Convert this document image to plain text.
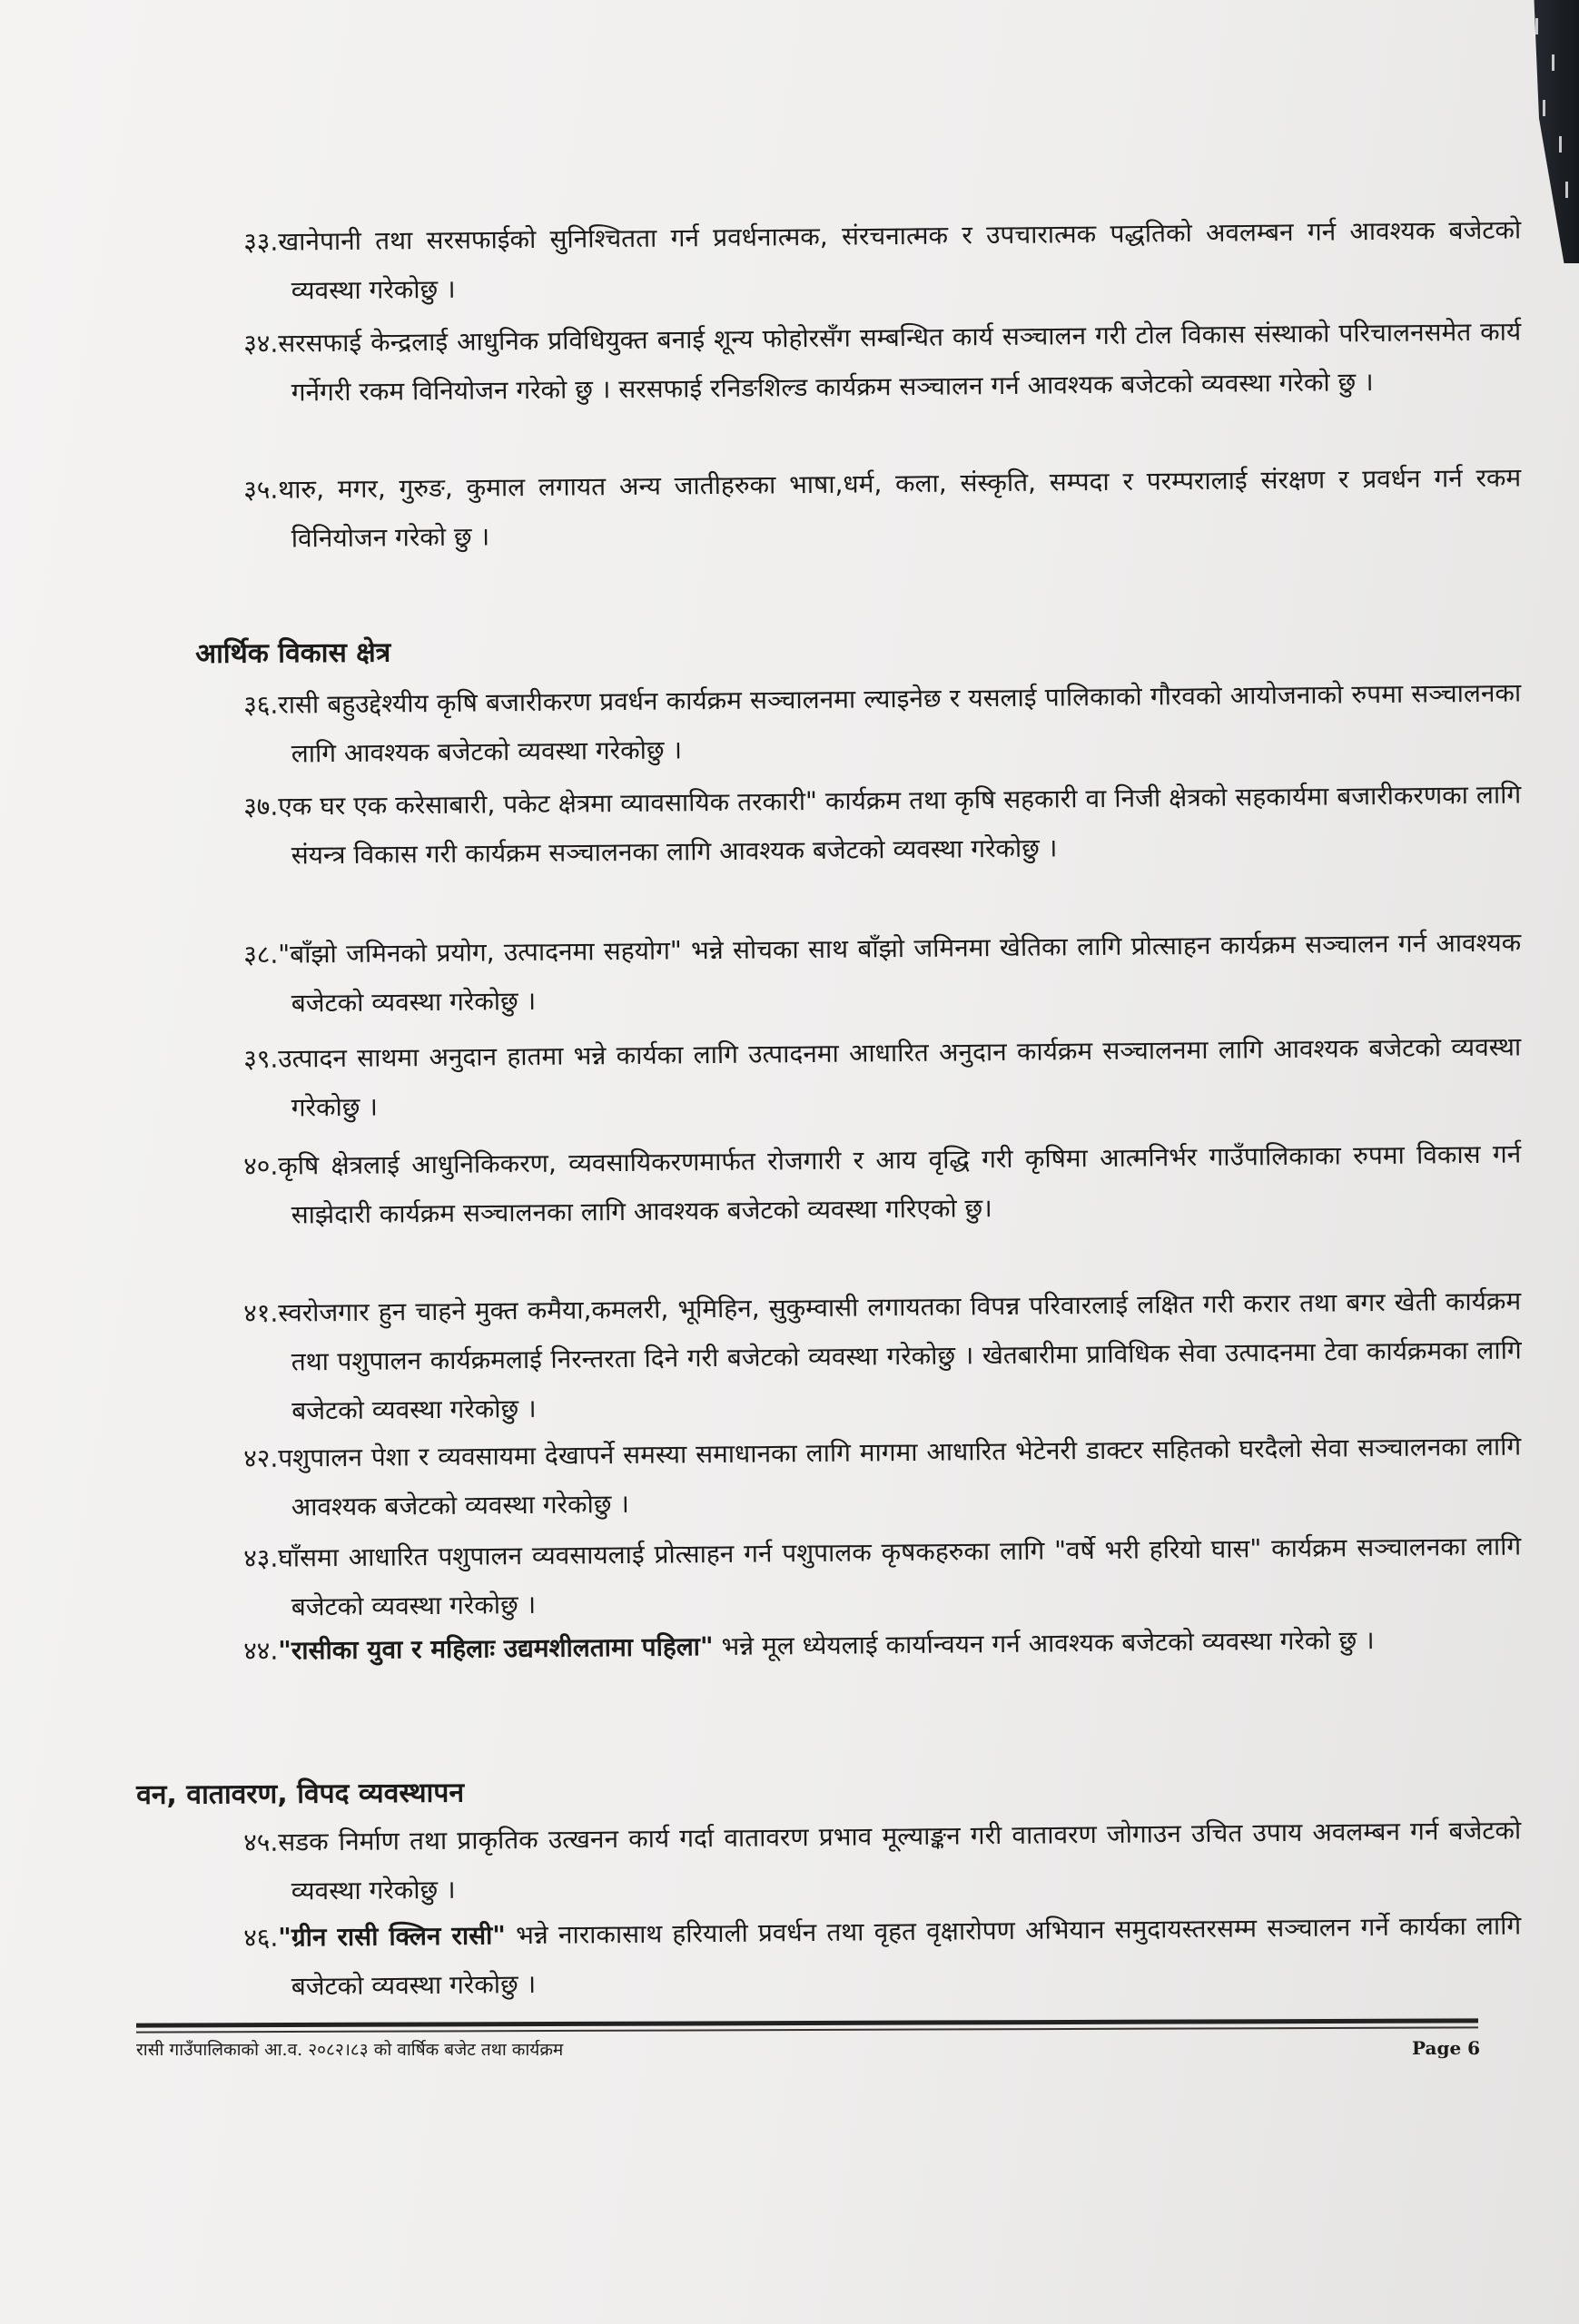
३३.खानेपानी तथा सरसफाईको सुनिश्चितता गर्न प्रवर्धनात्मक, संरचनात्मक र उपचारात्मक पद्धतिको अवलम्बन गर्न आवश्यक बजेटको व्यवस्था गरेकोछु ।
३४.सरसफाई केन्द्रलाई आधुनिक प्रविधियुक्त बनाई शून्य फोहोरसँग सम्बन्धित कार्य सञ्चालन गरी टोल विकास संस्थाको परिचालनसमेत कार्य गर्नेगरी रकम विनियोजन गरेको छु । सरसफाई रनिङशिल्ड कार्यक्रम सञ्चालन गर्न आवश्यक बजेटको व्यवस्था गरेको छु ।
३५.थारु, मगर, गुरुङ, कुमाल लगायत अन्य जातीहरुका भाषा,धर्म, कला, संस्कृति, सम्पदा र परम्परालाई संरक्षण र प्रवर्धन गर्न रकम विनियोजन गरेको छु ।
आर्थिक विकास क्षेत्र
३६.रासी बहुउद्देश्यीय कृषि बजारीकरण प्रवर्धन कार्यक्रम सञ्चालनमा ल्याइनेछ र यसलाई पालिकाको गौरवको आयोजनाको रुपमा सञ्चालनका लागि आवश्यक बजेटको व्यवस्था गरेकोछु ।
३७.एक घर एक करेसाबारी, पकेट क्षेत्रमा व्यावसायिक तरकारी" कार्यक्रम तथा कृषि सहकारी वा निजी क्षेत्रको सहकार्यमा बजारीकरणका लागि संयन्त्र विकास गरी कार्यक्रम सञ्चालनका लागि आवश्यक बजेटको व्यवस्था गरेकोछु ।
३८."बाँझो जमिनको प्रयोग, उत्पादनमा सहयोग" भन्ने सोचका साथ बाँझो जमिनमा खेतिका लागि प्रोत्साहन कार्यक्रम सञ्चालन गर्न आवश्यक बजेटको व्यवस्था गरेकोछु ।
३९.उत्पादन साथमा अनुदान हातमा भन्ने कार्यका लागि उत्पादनमा आधारित अनुदान कार्यक्रम सञ्चालनमा लागि आवश्यक बजेटको व्यवस्था गरेकोछु ।
४०.कृषि क्षेत्रलाई आधुनिकिकरण, व्यवसायिकरणमार्फत रोजगारी र आय वृद्धि गरी कृषिमा आत्मनिर्भर गाउँपालिकाका रुपमा विकास गर्न साझेदारी कार्यक्रम सञ्चालनका लागि आवश्यक बजेटको व्यवस्था गरिएको छु।
४१.स्वरोजगार हुन चाहने मुक्त कमैया,कमलरी, भूमिहिन, सुकुम्वासी लगायतका विपन्न परिवारलाई लक्षित गरी करार तथा बगर खेती कार्यक्रम तथा पशुपालन कार्यक्रमलाई निरन्तरता दिने गरी बजेटको व्यवस्था गरेकोछु । खेतबारीमा प्राविधिक सेवा उत्पादनमा टेवा कार्यक्रमका लागि बजेटको व्यवस्था गरेकोछु ।
४२.पशुपालन पेशा र व्यवसायमा देखापर्ने समस्या समाधानका लागि मागमा आधारित भेटेनरी डाक्टर सहितको घरदैलो सेवा सञ्चालनका लागि आवश्यक बजेटको व्यवस्था गरेकोछु ।
४३.घाँसमा आधारित पशुपालन व्यवसायलाई प्रोत्साहन गर्न पशुपालक कृषकहरुका लागि "वर्षे भरी हरियो घास" कार्यक्रम सञ्चालनका लागि बजेटको व्यवस्था गरेकोछु ।
४४."रासीका युवा र महिलाः उद्यमशीलतामा पहिला" भन्ने मूल ध्येयलाई कार्यान्वयन गर्न आवश्यक बजेटको व्यवस्था गरेको छु ।
वन, वातावरण, विपद व्यवस्थापन
४५.सडक निर्माण तथा प्राकृतिक उत्खनन कार्य गर्दा वातावरण प्रभाव मूल्याङ्कन गरी वातावरण जोगाउन उचित उपाय अवलम्बन गर्न बजेटको व्यवस्था गरेकोछु ।
४६."ग्रीन रासी क्लिन रासी" भन्ने नाराकासाथ हरियाली प्रवर्धन तथा वृहत वृक्षारोपण अभियान समुदायस्तरसम्म सञ्चालन गर्ने कार्यका लागि बजेटको व्यवस्था गरेकोछु ।
रासी गाउँपालिकाको आ.व. २०८२।८३ को वार्षिक बजेट तथा कार्यक्रम	Page 6
